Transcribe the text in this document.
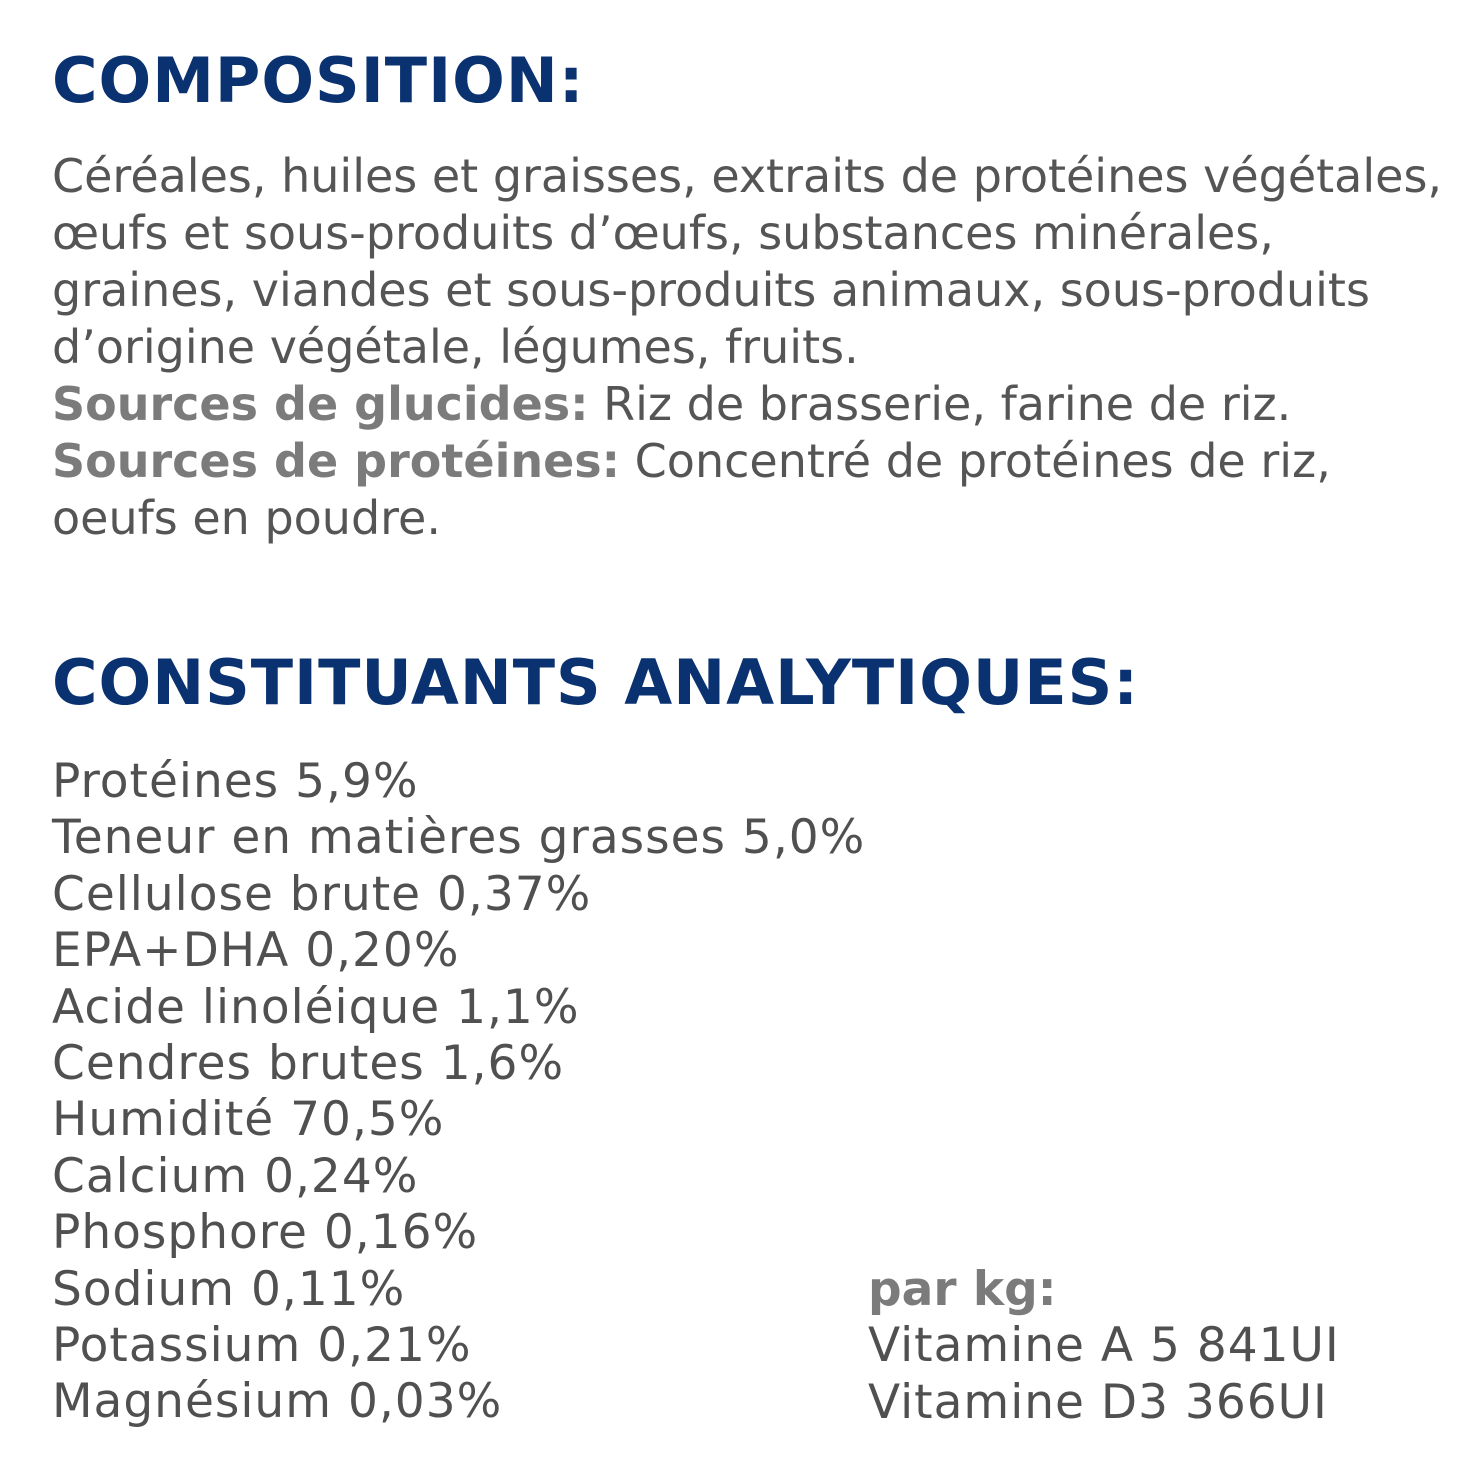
COMPOSITION:

Céréales, huiles et graisses, extraits de protéines végétales, œufs et sous-produits d’œufs, substances minérales, graines, viandes et sous-produits animaux, sous-produits d’origine végétale, légumes, fruits.

Sources de glucides: Riz de brasserie, farine de riz.

Sources de protéines: Concentré de protéines de riz, oeufs en poudre.

CONSTITUANTS ANALYTIQUES:
Protéines 5,9%
Teneur en matières grasses 5,0%
Cellulose brute 0,37%
EPA+DHA 0,20%
Acide linoléique 1,1%
Cendres brutes 1,6%
Humidité 70,5%
Calcium 0,24%
Phosphore 0,16%
Sodium 0,11%
Potassium 0,21%
Magnésium 0,03%
par kg:
Vitamine A 5 841UI
Vitamine D3 366UI
